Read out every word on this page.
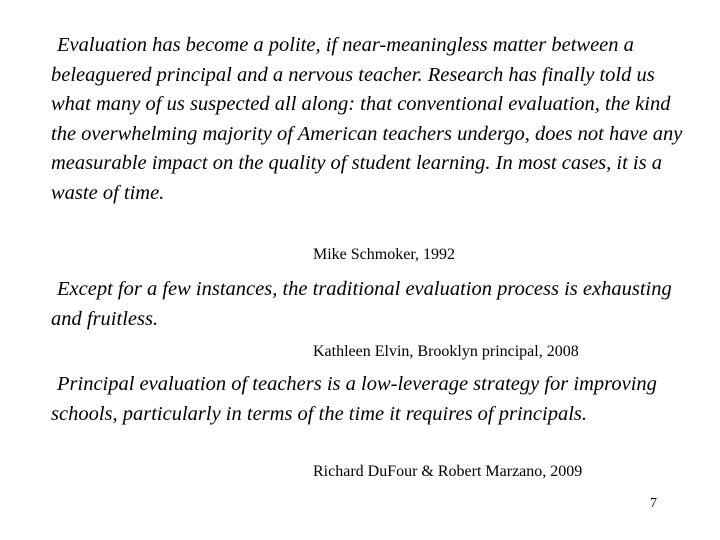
Evaluation has become a polite, if near-meaningless matter between a beleaguered principal and a nervous teacher. Research has finally told us what many of us suspected all along: that conventional evaluation, the kind the overwhelming majority of American teachers undergo, does not have any measurable impact on the quality of student learning. In most cases, it is a waste of time.

Mike Schmoker, 1992

Except for a few instances, the traditional evaluation process is exhausting and fruitless.

Kathleen Elvin, Brooklyn principal, 2008

Principal evaluation of teachers is a low-leverage strategy for improving schools, particularly in terms of the time it requires of principals.

Richard DuFour & Robert Marzano, 2009

7
